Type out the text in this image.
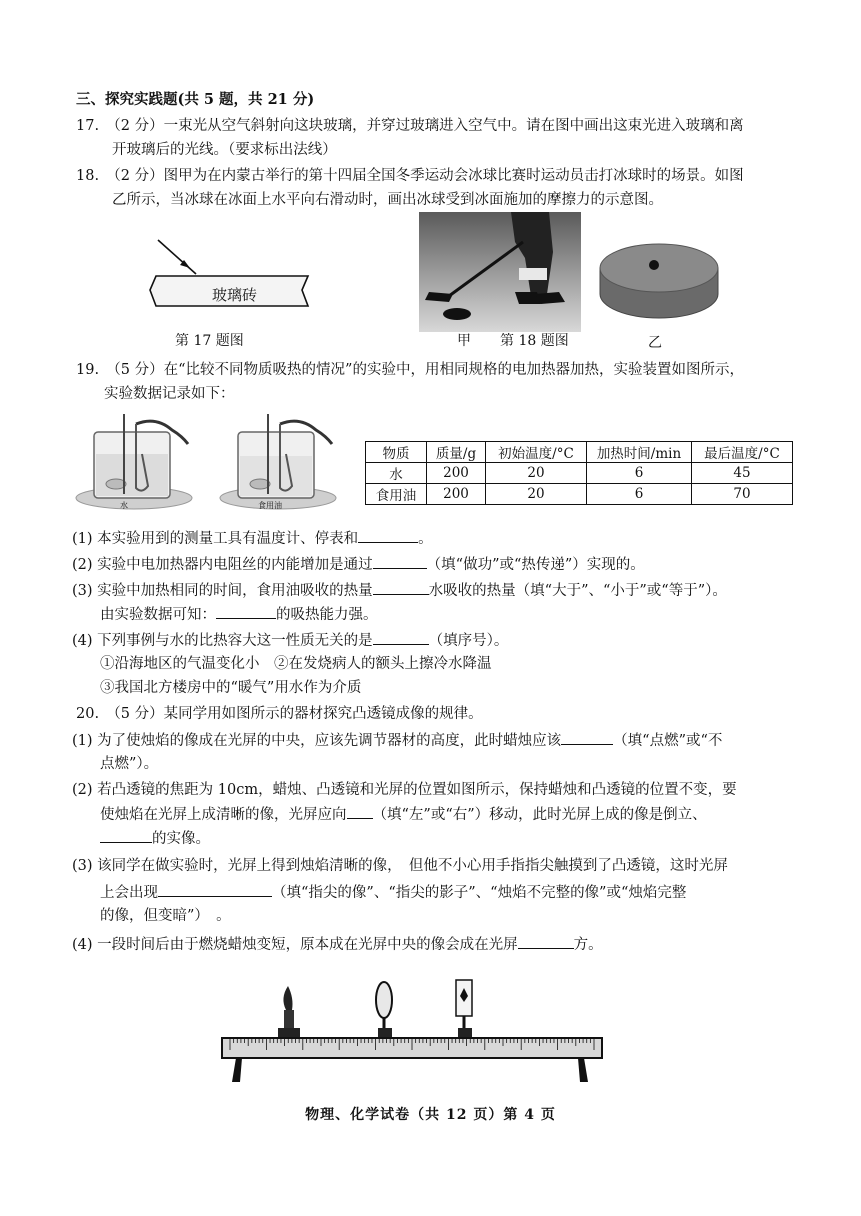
三、探究实践题(共 5 题，共 21 分)
17.　（2 分）一束光从空气斜射向这块玻璃，并穿过玻璃进入空气中。请在图中画出这束光进入玻璃和离
开玻璃后的光线。（要求标出法线）
18.　（2 分）图甲为在内蒙古举行的第十四届全国冬季运动会冰球比赛时运动员击打冰球时的场景。如图
乙所示，当冰球在冰面上水平向右滑动时，画出冰球受到冰面施加的摩擦力的示意图。
玻璃砖
第 17 题图	甲 第 18 题图	乙
19.　（5 分）在“比较不同物质吸热的情况”的实验中，用相同规格的电加热器加热，实验装置如图所示，
实验数据记录如下：
水	食用油
物质	质量/g	初始温度/°C	加热时间/min	最后温度/°C
水	200	20	6	45
食用油	200	20	6	70
(1) 本实验用到的测量工具有温度计、停表和	。
(2) 实验中电加热器内电阻丝的内能增加是通过	（填“做功”或“热传递”）实现的。
(3) 实验中加热相同的时间，食用油吸收的热量	水吸收的热量（填“大于”、“小于”或“等于”）。
由实验数据可知：	的吸热能力强。
(4) 下列事例与水的比热容大这一性质无关的是	（填序号）。
①沿海地区的气温变化小　②在发烧病人的额头上擦冷水降温
③我国北方楼房中的“暖气”用水作为介质
20.　（5 分）某同学用如图所示的器材探究凸透镜成像的规律。
(1) 为了使烛焰的像成在光屏的中央，应该先调节器材的高度，此时蜡烛应该	（填“点燃”或“不
点燃”）。
(2) 若凸透镜的焦距为 10cm，蜡烛、凸透镜和光屏的位置如图所示，保持蜡烛和凸透镜的位置不变，要
使烛焰在光屏上成清晰的像，光屏应向 （填“左”或“右”）移动，此时光屏上成的像是倒立、
的实像。
(3) 该同学在做实验时，光屏上得到烛焰清晰的像，　但他不小心用手指指尖触摸到了凸透镜，这时光屏
上会出现	（填“指尖的像”、“指尖的影子”、“烛焰不完整的像”或“烛焰完整
的像，但变暗”）　。
(4) 一段时间后由于燃烧蜡烛变短，原本成在光屏中央的像会成在光屏	方。
物理、化学试卷（共 12 页）第 4 页
